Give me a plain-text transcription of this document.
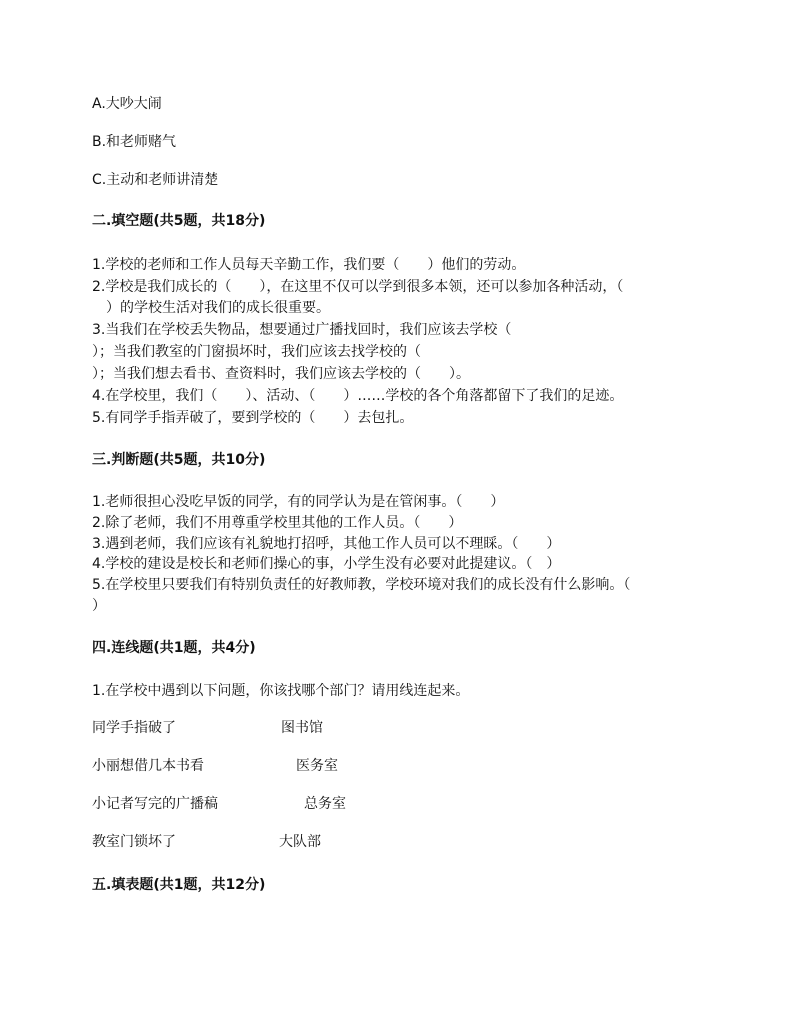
A.大吵大闹
B.和老师赌气
C.主动和老师讲清楚
二.填空题(共5题，共18分)
1.学校的老师和工作人员每天辛勤工作，我们要（　　）他们的劳动。
2.学校是我们成长的（　　），在这里不仅可以学到很多本领，还可以参加各种活动，（
　）的学校生活对我们的成长很重要。
3.当我们在学校丢失物品，想要通过广播找回时，我们应该去学校（
）；当我们教室的门窗损坏时，我们应该去找学校的（
）；当我们想去看书、查资料时，我们应该去学校的（　　）。
4.在学校里，我们（　　）、活动、（　　）……学校的各个角落都留下了我们的足迹。
5.有同学手指弄破了，要到学校的（　　）去包扎。
三.判断题(共5题，共10分)
1.老师很担心没吃早饭的同学，有的同学认为是在管闲事。（　　）
2.除了老师，我们不用尊重学校里其他的工作人员。（　　）
3.遇到老师，我们应该有礼貌地打招呼，其他工作人员可以不理睬。（　　）
4.学校的建设是校长和老师们操心的事，小学生没有必要对此提建议。（　）
5.在学校里只要我们有特别负责任的好教师教，学校环境对我们的成长没有什么影响。（
）
四.连线题(共1题，共4分)
1.在学校中遇到以下问题，你该找哪个部门？请用线连起来。
同学手指破了	图书馆
小丽想借几本书看	医务室
小记者写完的广播稿	总务室
教室门锁坏了	大队部
五.填表题(共1题，共12分)
